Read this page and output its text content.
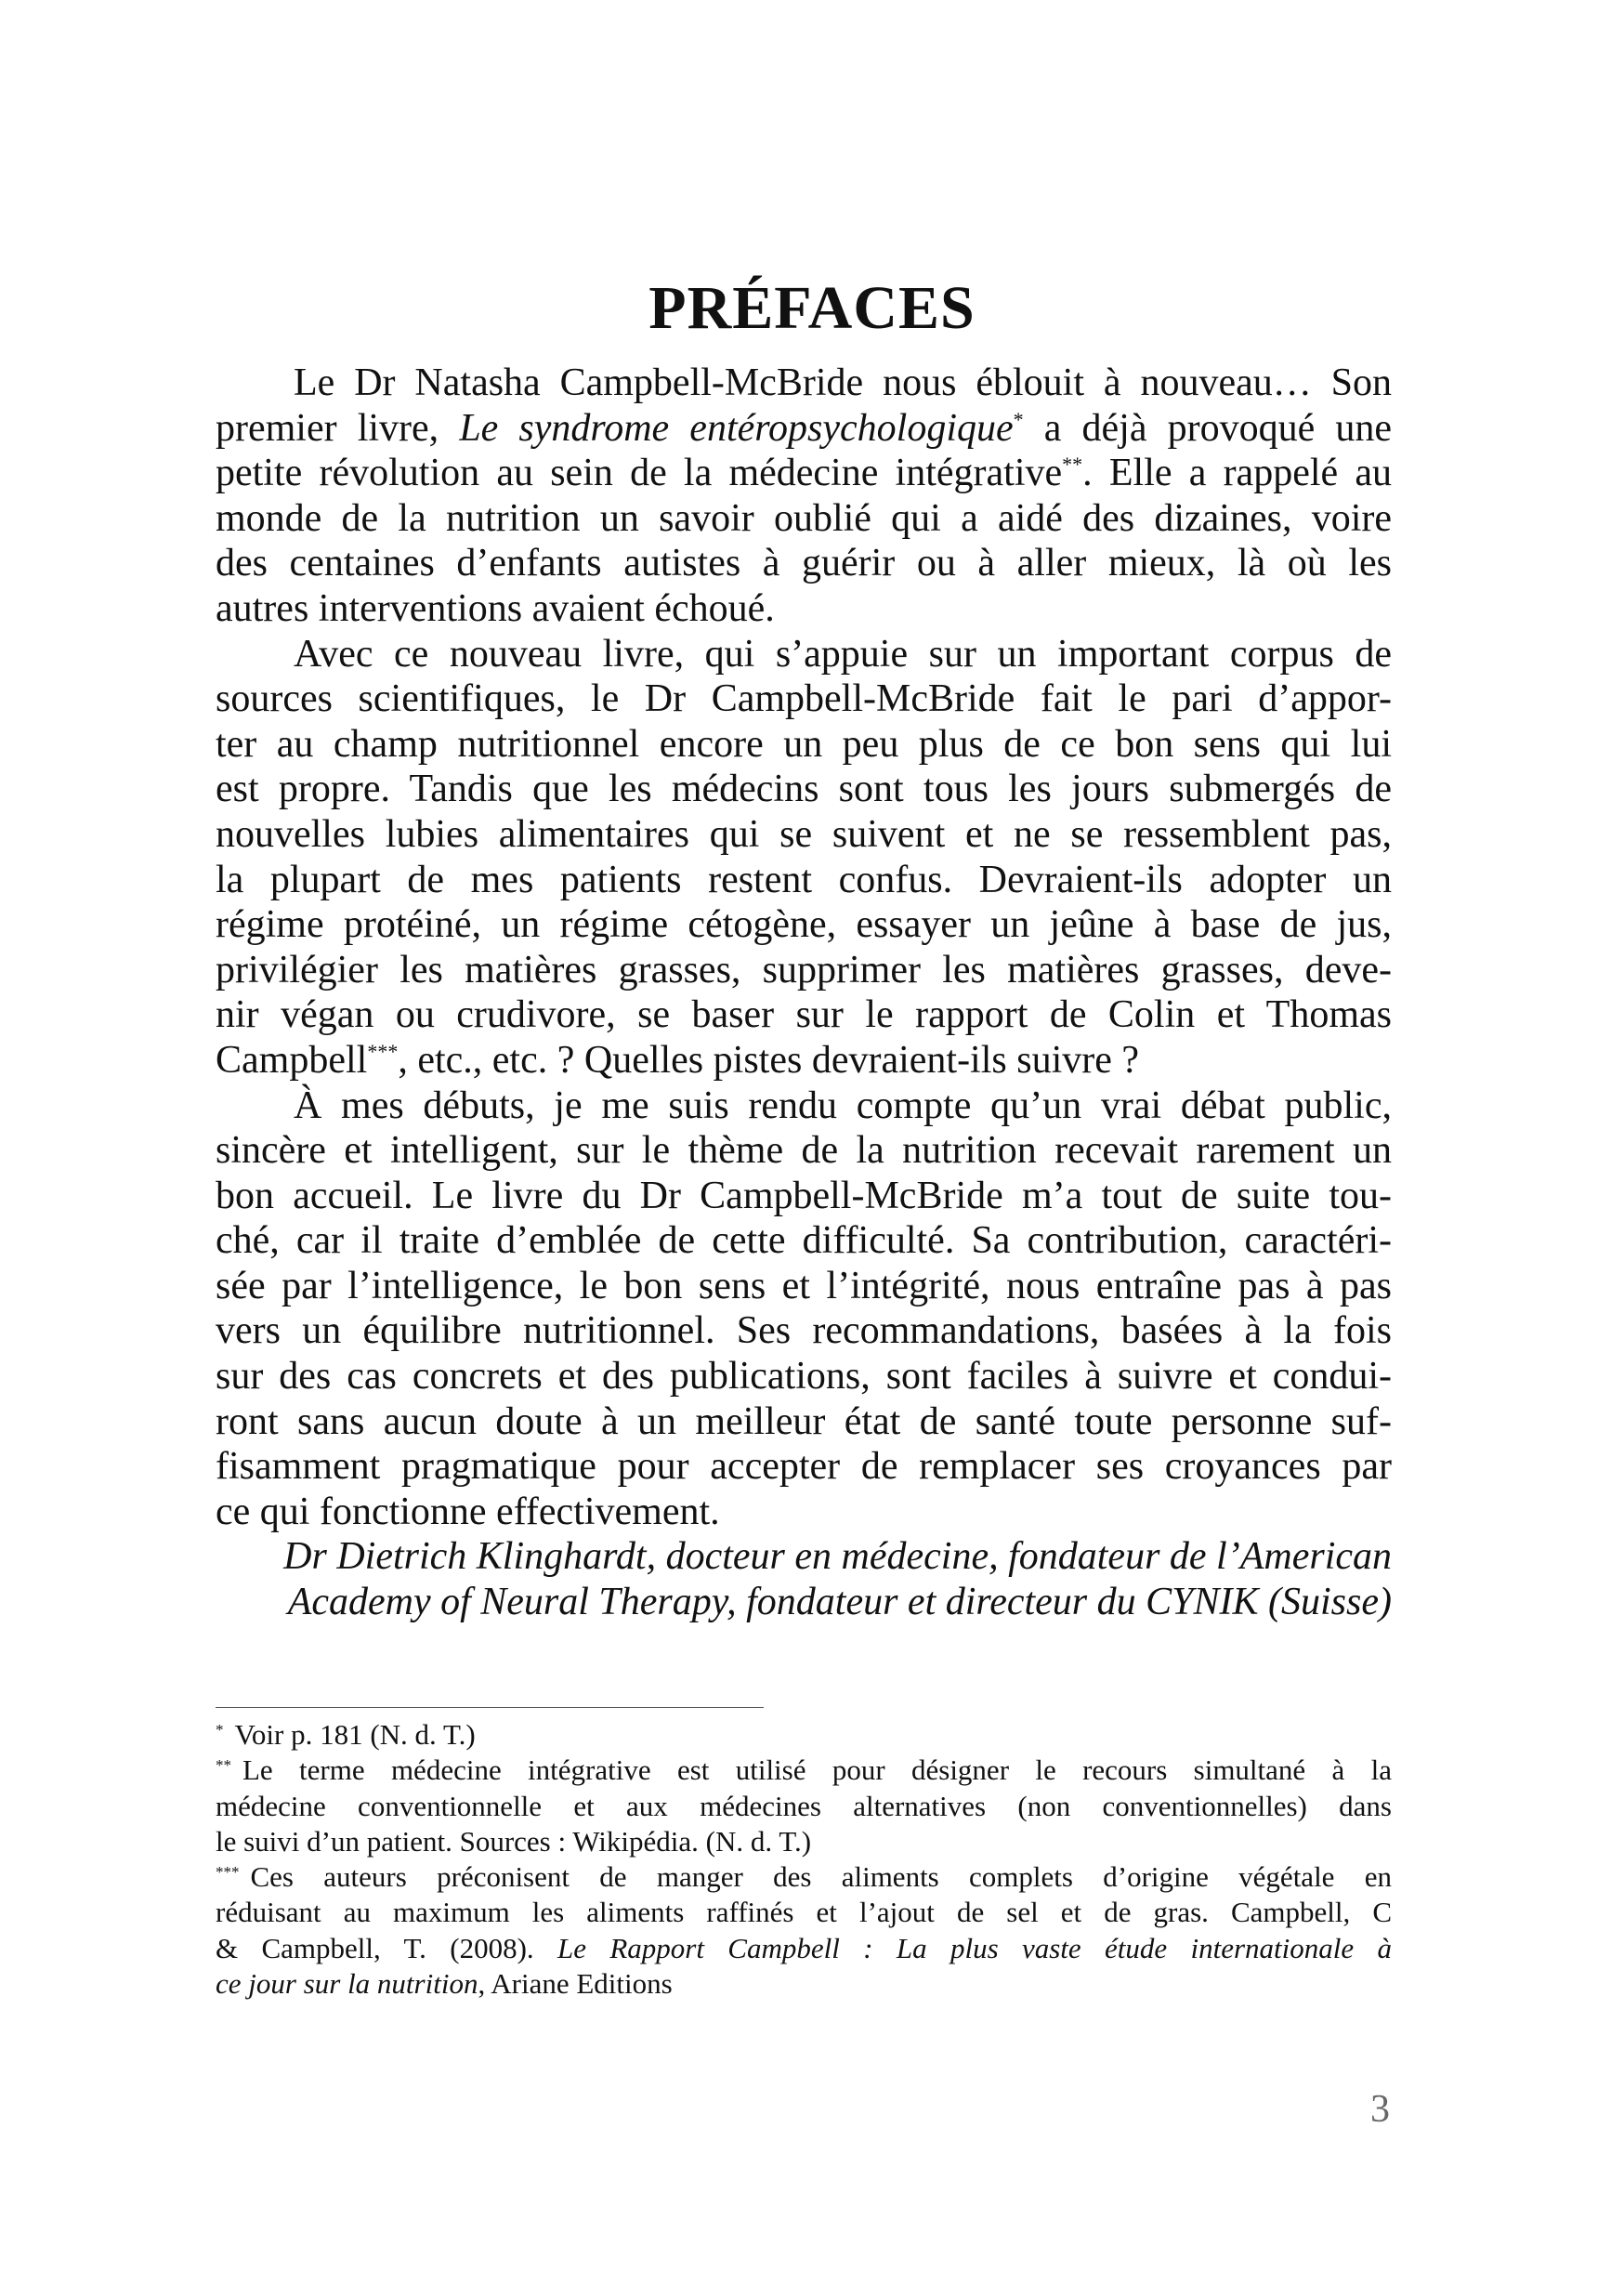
PRÉFACES
Le Dr Natasha Campbell-McBride nous éblouit à nouveau… Son
premier livre, Le syndrome entéropsychologique* a déjà provoqué une
petite révolution au sein de la médecine intégrative**. Elle a rappelé au
monde de la nutrition un savoir oublié qui a aidé des dizaines, voire
des centaines d’enfants autistes à guérir ou à aller mieux, là où les
autres interventions avaient échoué.
Avec ce nouveau livre, qui s’appuie sur un important corpus de
sources scientifiques, le Dr Campbell-McBride fait le pari d’appor-
ter au champ nutritionnel encore un peu plus de ce bon sens qui lui
est propre. Tandis que les médecins sont tous les jours submergés de
nouvelles lubies alimentaires qui se suivent et ne se ressemblent pas,
la plupart de mes patients restent confus. Devraient-ils adopter un
régime protéiné, un régime cétogène, essayer un jeûne à base de jus,
privilégier les matières grasses, supprimer les matières grasses, deve-
nir végan ou crudivore, se baser sur le rapport de Colin et Thomas
Campbell***, etc., etc. ? Quelles pistes devraient-ils suivre ?
À mes débuts, je me suis rendu compte qu’un vrai débat public,
sincère et intelligent, sur le thème de la nutrition recevait rarement un
bon accueil. Le livre du Dr Campbell-McBride m’a tout de suite tou-
ché, car il traite d’emblée de cette difficulté. Sa contribution, caractéri-
sée par l’intelligence, le bon sens et l’intégrité, nous entraîne pas à pas
vers un équilibre nutritionnel. Ses recommandations, basées à la fois
sur des cas concrets et des publications, sont faciles à suivre et condui-
ront sans aucun doute à un meilleur état de santé toute personne suf-
fisamment pragmatique pour accepter de remplacer ses croyances par
ce qui fonctionne effectivement.
Dr Dietrich Klinghardt, docteur en médecine, fondateur de l’American
Academy of Neural Therapy, fondateur et directeur du CYNIK (Suisse)
* Voir p. 181 (N. d. T.)
** Le terme médecine intégrative est utilisé pour désigner le recours simultané à la
médecine conventionnelle et aux médecines alternatives (non conventionnelles) dans
le suivi d’un patient. Sources : Wikipédia. (N. d. T.)
*** Ces auteurs préconisent de manger des aliments complets d’origine végétale en
réduisant au maximum les aliments raffinés et l’ajout de sel et de gras. Campbell, C
& Campbell, T. (2008). Le Rapport Campbell : La plus vaste étude internationale à
ce jour sur la nutrition, Ariane Editions
3
